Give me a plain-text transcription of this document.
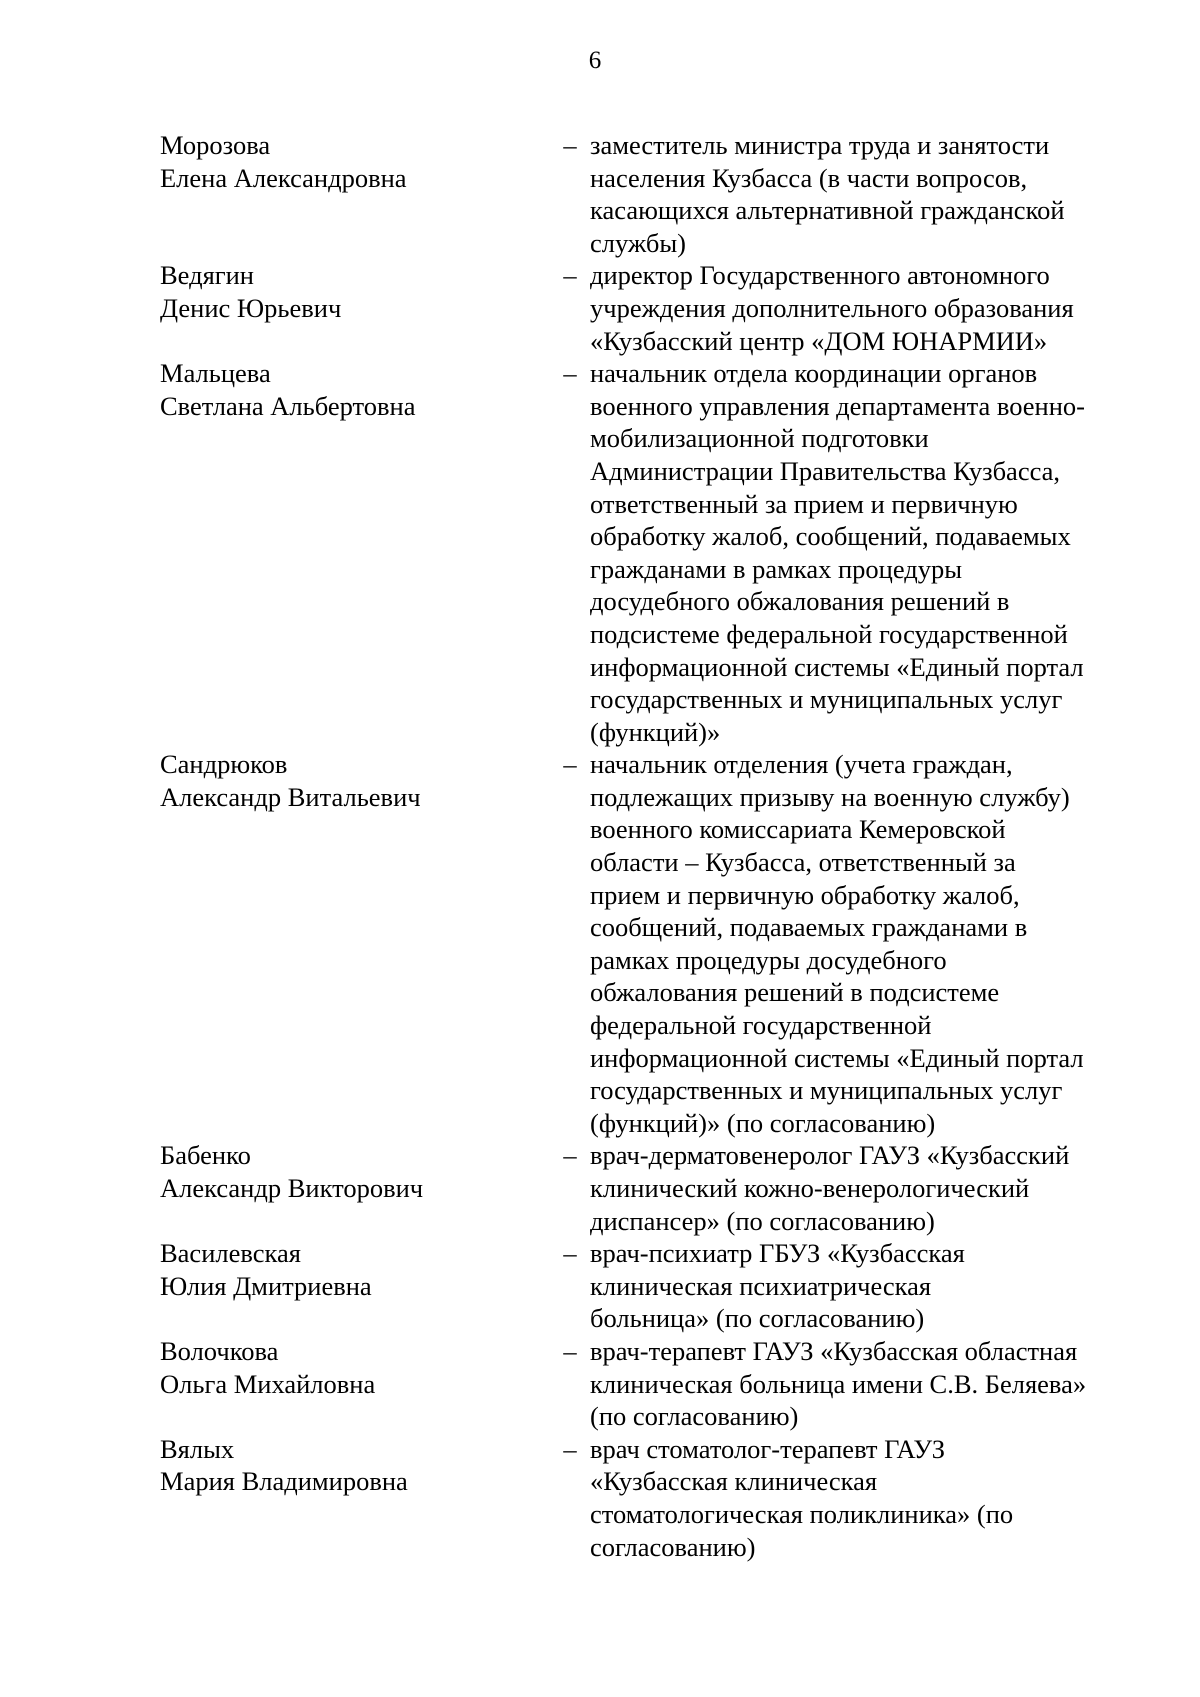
6
Морозова
Елена Александровна
– заместитель министра труда и занятости
населения Кузбасса (в части вопросов,
касающихся альтернативной гражданской
службы)
Ведягин
Денис Юрьевич
– директор Государственного автономного
учреждения дополнительного образования
«Кузбасский центр «ДОМ ЮНАРМИИ»
Мальцева
Светлана Альбертовна
– начальник отдела координации органов
военного управления департамента военно-
мобилизационной подготовки
Администрации Правительства Кузбасса,
ответственный за прием и первичную
обработку жалоб, сообщений, подаваемых
гражданами в рамках процедуры
досудебного обжалования решений в
подсистеме федеральной государственной
информационной системы «Единый портал
государственных и муниципальных услуг
(функций)»
Сандрюков
Александр Витальевич
– начальник отделения (учета граждан,
подлежащих призыву на военную службу)
военного комиссариата Кемеровской
области – Кузбасса, ответственный за
прием и первичную обработку жалоб,
сообщений, подаваемых гражданами в
рамках процедуры досудебного
обжалования решений в подсистеме
федеральной государственной
информационной системы «Единый портал
государственных и муниципальных услуг
(функций)» (по согласованию)
Бабенко
Александр Викторович
– врач-дерматовенеролог ГАУЗ «Кузбасский
клинический кожно-венерологический
диспансер» (по согласованию)
Василевская
Юлия Дмитриевна
– врач-психиатр ГБУЗ «Кузбасская
клиническая психиатрическая
больница» (по согласованию)
Волочкова
Ольга Михайловна
– врач-терапевт ГАУЗ «Кузбасская областная
клиническая больница имени С.В. Беляева»
(по согласованию)
Вялых
Мария Владимировна
– врач стоматолог-терапевт ГАУЗ
«Кузбасская клиническая
стоматологическая поликлиника» (по
согласованию)
